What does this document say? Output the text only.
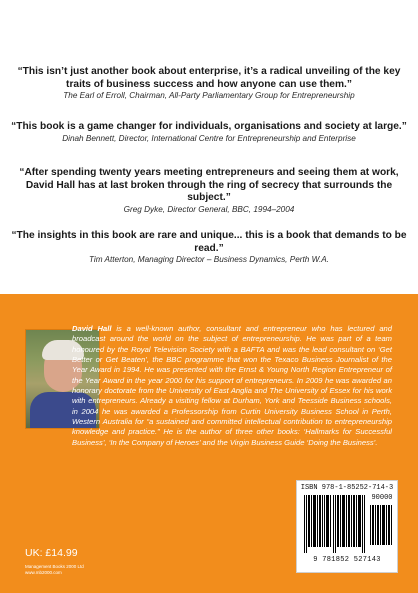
“This isn’t just another book about enterprise, it’s a radical unveiling of the key traits of business success and how anyone can use them.”
The Earl of Erroll, Chairman, All-Party Parliamentary Group for Entrepreneurship
“This book is a game changer for individuals, organisations and society at large.”
Dinah Bennett, Director, International Centre for Entrepreneurship and Enterprise
“After spending twenty years meeting entrepreneurs and seeing them at work, David Hall has at last broken through the ring of secrecy that surrounds the subject.”
Greg Dyke, Director General, BBC, 1994–2004
“The insights in this book are rare and unique... this is a book that demands to be read.”
Tim Atterton, Managing Director – Business Dynamics, Perth W.A.
David Hall is a well-known author, consultant and entrepreneur who has lectured and broadcast around the world on the subject of entrepreneurship. He was part of a team honoured by the Royal Television Society with a BAFTA and was the lead consultant on ‘Get Better or Get Beaten’, the BBC programme that won the Texaco Business Journalist of the Year Award in 1994. He was presented with the Ernst & Young North Region Entrepreneur of the Year Award in the year 2000 for his support of entrepreneurs. In 2009 he was awarded an honorary doctorate from the University of East Anglia and The University of Essex for his work with entrepreneurs. Already a visiting fellow at Durham, York and Teesside Business schools, in 2004 he was awarded a Professorship from Curtin University Business School in Perth, Western Australia for “a sustained and committed intellectual contribution to entrepreneurship knowledge and practice.” He is the author of three other books: ‘Hallmarks for Successful Business’, ‘In the Company of Heroes’ and the Virgin Business Guide ‘Doing the Business’.
ISBN 978-1-85252-714-3
90000
9 781852 527143
UK: £14.99
Management Books 2000 Ltd
www.mb2000.com
